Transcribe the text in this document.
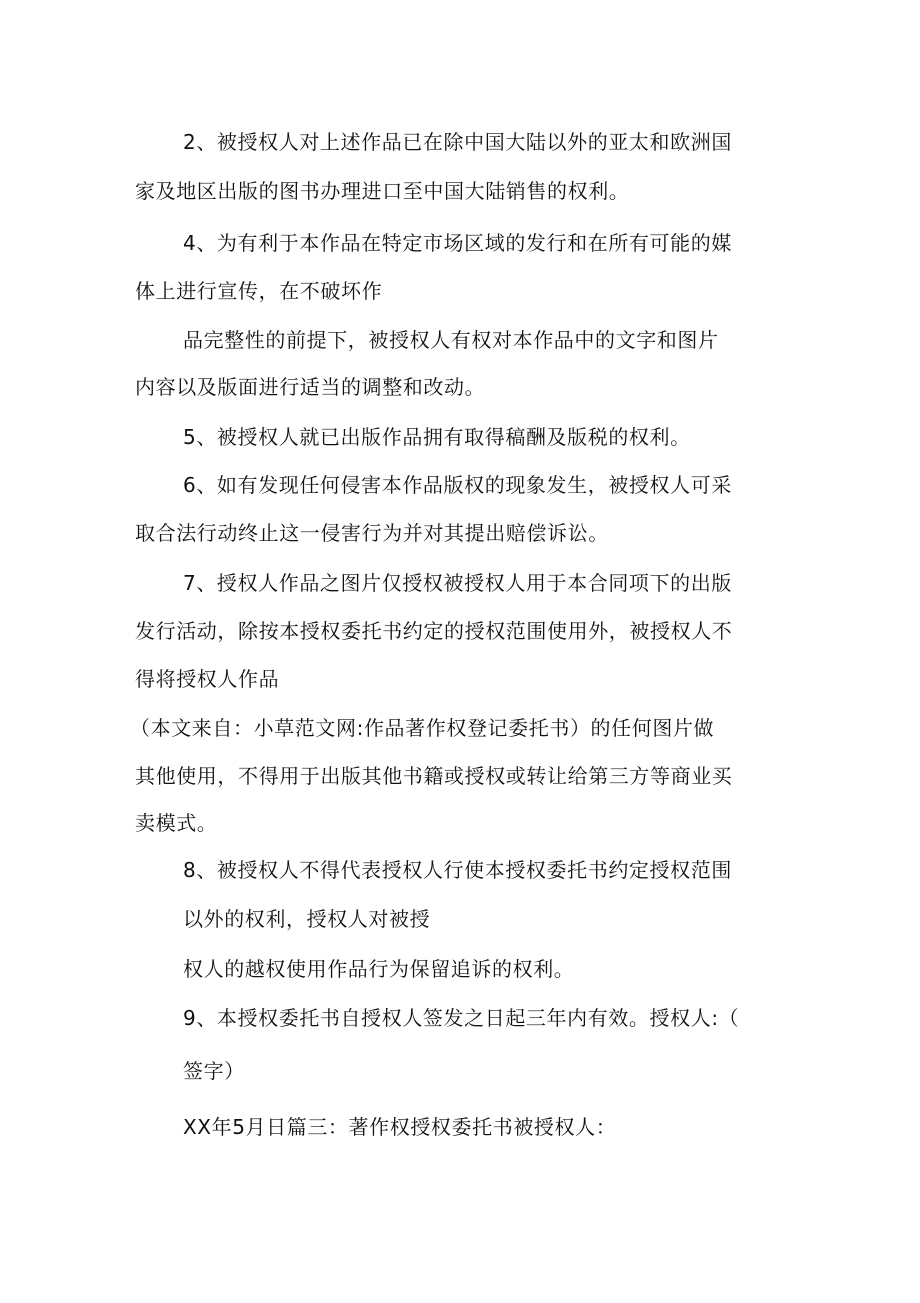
2、被授权人对上述作品已在除中国大陆以外的亚太和欧洲国
家及地区出版的图书办理进口至中国大陆销售的权利。
4、为有利于本作品在特定市场区域的发行和在所有可能的媒
体上进行宣传，在不破坏作
品完整性的前提下，被授权人有权对本作品中的文字和图片
内容以及版面进行适当的调整和改动。
5、被授权人就已出版作品拥有取得稿酬及版税的权利。
6、如有发现任何侵害本作品版权的现象发生，被授权人可采
取合法行动终止这一侵害行为并对其提出赔偿诉讼。
7、授权人作品之图片仅授权被授权人用于本合同项下的出版
发行活动，除按本授权委托书约定的授权范围使用外，被授权人不
得将授权人作品
（本文来自：小草范文网:作品著作权登记委托书）的任何图片做
其他使用，不得用于出版其他书籍或授权或转让给第三方等商业买
卖模式。
8、被授权人不得代表授权人行使本授权委托书约定授权范围
以外的权利，授权人对被授
权人的越权使用作品行为保留追诉的权利。
9、本授权委托书自授权人签发之日起三年内有效。授权人:（
签字）
XX年5月日篇三：著作权授权委托书被授权人：
